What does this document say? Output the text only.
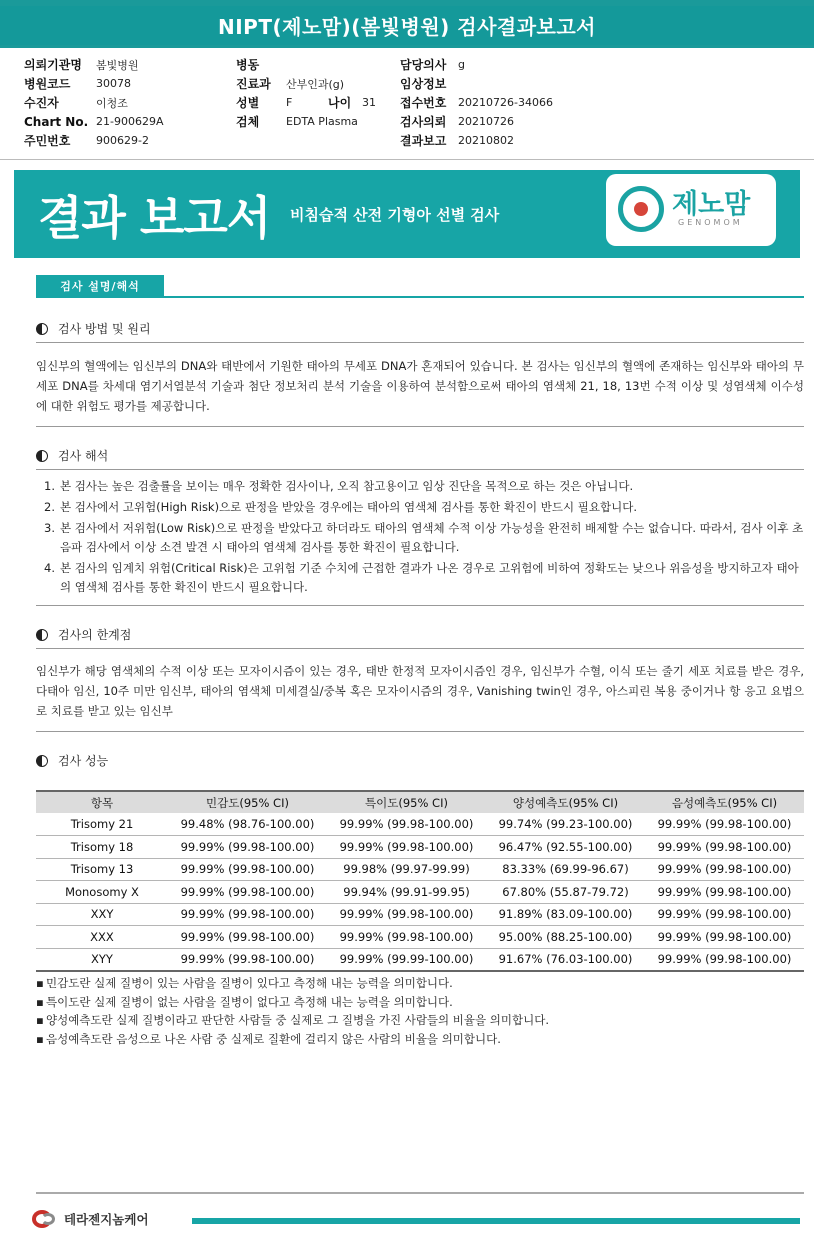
NIPT(제노맘)(봄빛병원) 검사결과보고서
의뢰기관명	봄빛병원
병원코드	30078
수진자	이청조
Chart No. 21-900629A
주민번호	900629-2
병동
진료과	산부인과(g)
성별	F	나이 31
검체	EDTA Plasma
담당의사	g
임상정보
접수번호	20210726-34066
검사의뢰	20210726
결과보고	20210802
결과 보고서 비침습적 산전 기형아 선별 검사	제노맘
GENOMOM
검사 설명/해석
검사 방법 및 원리
임신부의 혈액에는 임신부의 DNA와 태반에서 기원한 태아의 무세포 DNA가 혼재되어 있습니다. 본 검사는 임신부의 혈액에 존재하는 임신부와 태아의 무세포 DNA를 차세대 염기서열분석 기술과 첨단 정보처리 분석 기술을 이용하여 분석함으로써 태아의 염색체 21, 18, 13번 수적 이상 및 성염색체 이수성에 대한 위험도 평가를 제공합니다.
검사 해석
1. 본 검사는 높은 검출률을 보이는 매우 정확한 검사이나, 오직 참고용이고 임상 진단을 목적으로 하는 것은 아닙니다.
2. 본 검사에서 고위험(High Risk)으로 판정을 받았을 경우에는 태아의 염색체 검사를 통한 확진이 반드시 필요합니다.
3. 본 검사에서 저위험(Low Risk)으로 판정을 받았다고 하더라도 태아의 염색체 수적 이상 가능성을 완전히 배제할 수는 없습니다. 따라서, 검사 이후 초음파 검사에서 이상 소견 발견 시 태아의 염색체 검사를 통한 확진이 필요합니다.
4. 본 검사의 임계치 위험(Critical Risk)은 고위험 기준 수치에 근접한 결과가 나온 경우로 고위험에 비하여 정확도는 낮으나 위음성을 방지하고자 태아의 염색체 검사를 통한 확진이 반드시 필요합니다.
검사의 한계점
임신부가 해당 염색체의 수적 이상 또는 모자이시즘이 있는 경우, 태반 한정적 모자이시즘인 경우, 임신부가 수혈, 이식 또는 줄기 세포 치료를 받은 경우, 다태아 임신, 10주 미만 임신부, 태아의 염색체 미세결실/중복 혹은 모자이시즘의 경우, Vanishing twin인 경우, 아스피린 복용 중이거나 항 응고 요법으로 치료를 받고 있는 임신부
검사 성능
항목	민감도(95% CI)	특이도(95% CI)	양성예측도(95% CI)	음성예측도(95% CI)
Trisomy 21	99.48% (98.76-100.00)	99.99% (99.98-100.00)	99.74% (99.23-100.00)	99.99% (99.98-100.00)
Trisomy 18	99.99% (99.98-100.00)	99.99% (99.98-100.00)	96.47% (92.55-100.00)	99.99% (99.98-100.00)
Trisomy 13	99.99% (99.98-100.00)	99.98% (99.97-99.99)	83.33% (69.99-96.67)	99.99% (99.98-100.00)
Monosomy X	99.99% (99.98-100.00)	99.94% (99.91-99.95)	67.80% (55.87-79.72)	99.99% (99.98-100.00)
XXY	99.99% (99.98-100.00)	99.99% (99.98-100.00)	91.89% (83.09-100.00)	99.99% (99.98-100.00)
XXX	99.99% (99.98-100.00)	99.99% (99.98-100.00)	95.00% (88.25-100.00)	99.99% (99.98-100.00)
XYY	99.99% (99.98-100.00)	99.99% (99.99-100.00)	91.67% (76.03-100.00)	99.99% (99.98-100.00)
▪ 민감도란 실제 질병이 있는 사람을 질병이 있다고 측정해 내는 능력을 의미합니다.
▪ 특이도란 실제 질병이 없는 사람을 질병이 없다고 측정해 내는 능력을 의미합니다.
▪ 양성예측도란 실제 질병이라고 판단한 사람들 중 실제로 그 질병을 가진 사람들의 비율을 의미합니다.
▪ 음성예측도란 음성으로 나온 사람 중 실제로 질환에 걸리지 않은 사람의 비율을 의미합니다.
테라젠지놈케어
